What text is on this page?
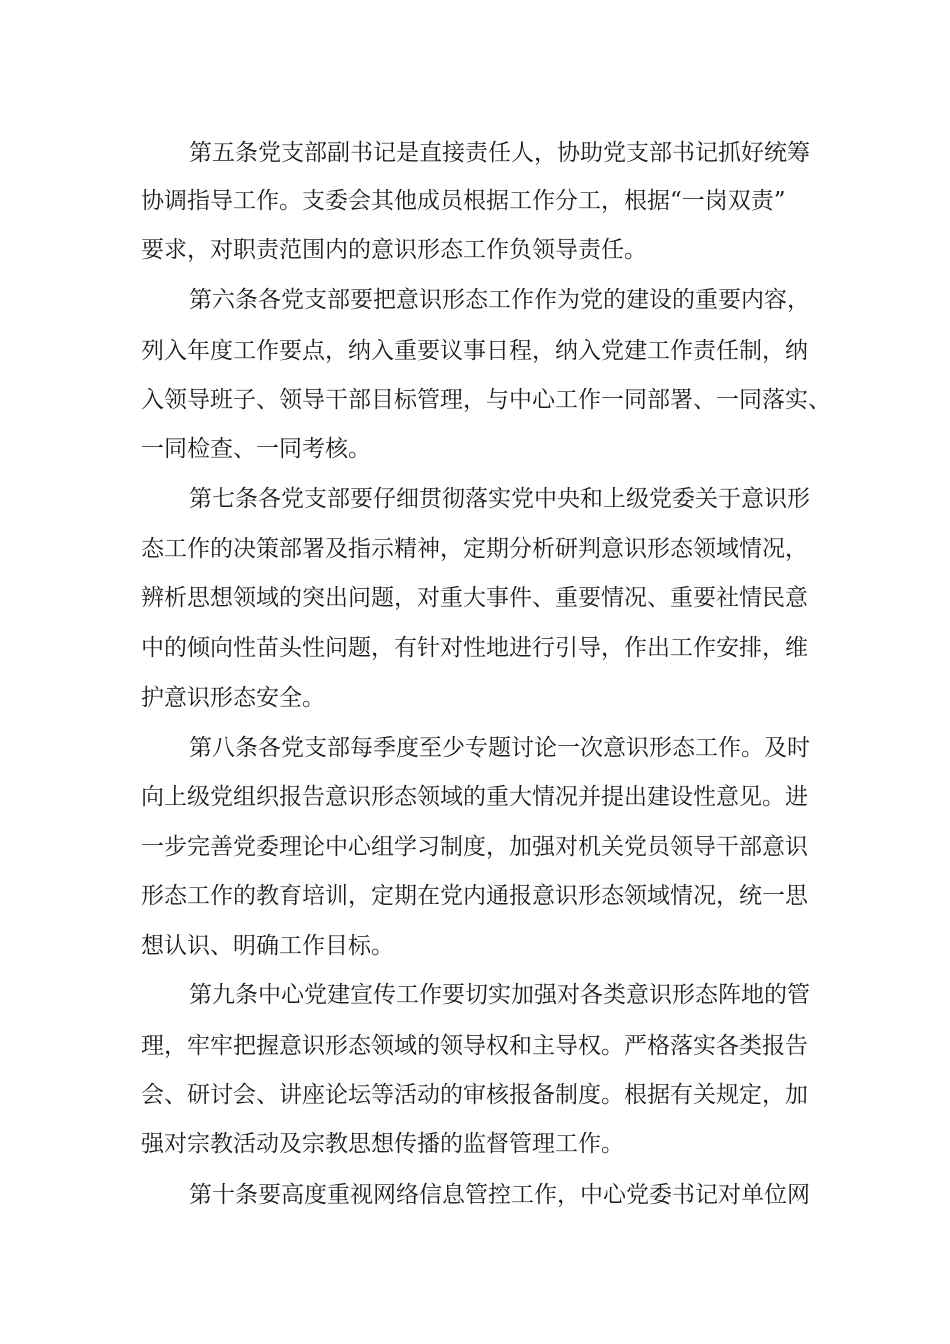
第五条党支部副书记是直接责任人，协助党支部书记抓好统筹

协调指导工作。支委会其他成员根据工作分工，根据“一岗双责”

要求，对职责范围内的意识形态工作负领导责任。

第六条各党支部要把意识形态工作作为党的建设的重要内容，

列入年度工作要点，纳入重要议事日程，纳入党建工作责任制，纳

入领导班子、领导干部目标管理，与中心工作一同部署、一同落实、

一同检查、一同考核。

第七条各党支部要仔细贯彻落实党中央和上级党委关于意识形

态工作的决策部署及指示精神，定期分析研判意识形态领域情况，

辨析思想领域的突出问题，对重大事件、重要情况、重要社情民意

中的倾向性苗头性问题，有针对性地进行引导，作出工作安排，维

护意识形态安全。

第八条各党支部每季度至少专题讨论一次意识形态工作。及时

向上级党组织报告意识形态领域的重大情况并提出建设性意见。进

一步完善党委理论中心组学习制度，加强对机关党员领导干部意识

形态工作的教育培训，定期在党内通报意识形态领域情况，统一思

想认识、明确工作目标。

第九条中心党建宣传工作要切实加强对各类意识形态阵地的管

理，牢牢把握意识形态领域的领导权和主导权。严格落实各类报告

会、研讨会、讲座论坛等活动的审核报备制度。根据有关规定，加

强对宗教活动及宗教思想传播的监督管理工作。

第十条要高度重视网络信息管控工作，中心党委书记对单位网
